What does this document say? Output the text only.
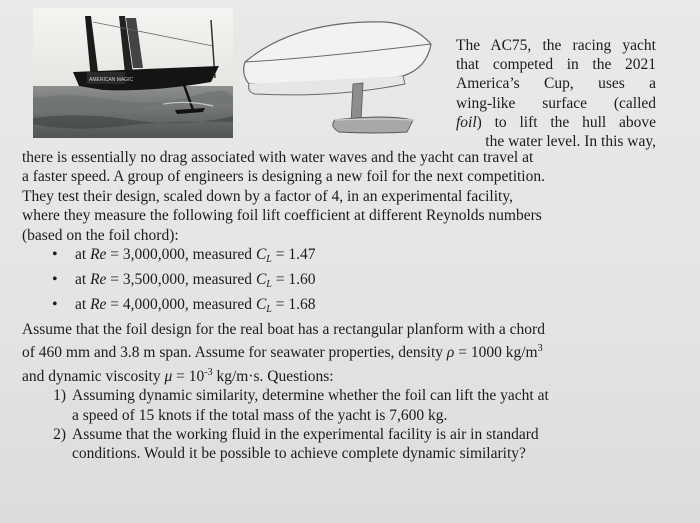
AMERICAN MAGIC
The AC75, the racing yacht
that competed in the 2021
America’s Cup, uses a
wing-like surface (called
foil) to lift the hull above
the water level. In this way,
there is essentially no drag associated with water waves and the yacht can travel at
a faster speed. A group of engineers is designing a new foil for the next competition.
They test their design, scaled down by a factor of 4, in an experimental facility,
where they measure the following foil lift coefficient at different Reynolds numbers
(based on the foil chord):
• at Re = 3,000,000, measured $C_L = 1.47$
• at Re = 3,500,000, measured $C_L = 1.60$
• at Re = 4,000,000, measured $C_L = 1.68$
Assume that the foil design for the real boat has a rectangular planform with a chord
of 460 mm and 3.8 m span. Assume for seawater properties, density ρ = 1000 $kg/m^3$
and dynamic viscosity $\mu = 10^{-3}$ kg/m·s. Questions:
1) Assuming dynamic similarity, determine whether the foil can lift the yacht at
a speed of 15 knots if the total mass of the yacht is 7,600 kg.
2) Assume that the working fluid in the experimental facility is air in standard
conditions. Would it be possible to achieve complete dynamic similarity?
